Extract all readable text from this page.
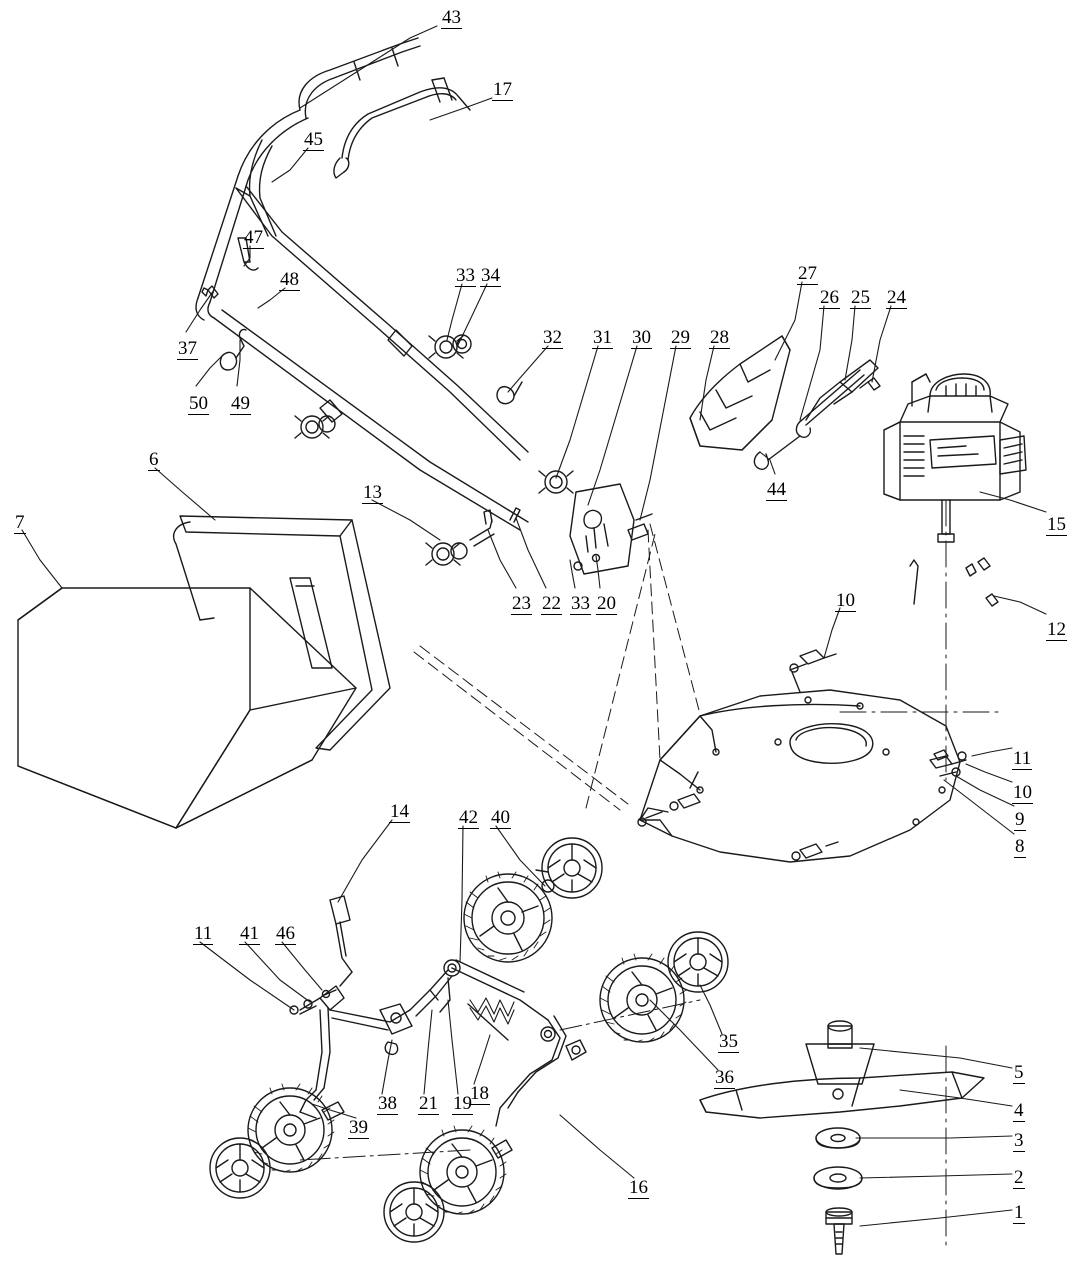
43
17
45
47
48	33 34	27
26 25 24
37
32 31 30 29 28
50 49
44
15
6
13
7
23 22 33 20	10
12
11
10
9
8
14	42 40
11 41 46
35
36	5
4
18
21 19
38
39
3
2
16
1
